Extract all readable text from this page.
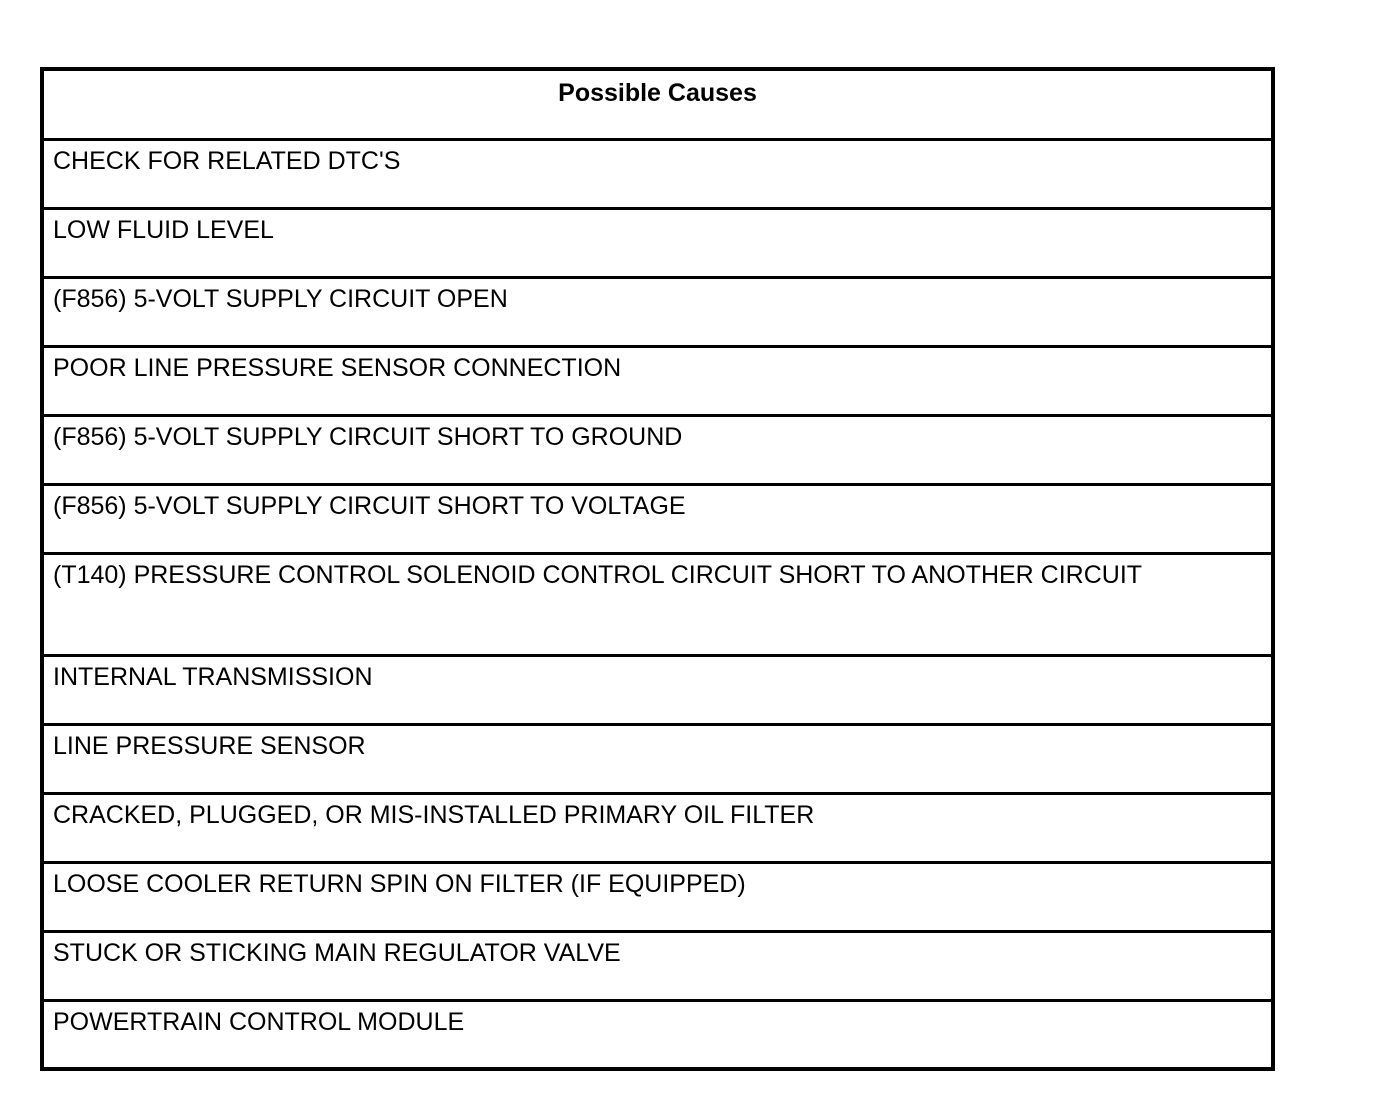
Possible Causes
CHECK FOR RELATED DTC'S
LOW FLUID LEVEL
(F856) 5-VOLT SUPPLY CIRCUIT OPEN
POOR LINE PRESSURE SENSOR CONNECTION
(F856) 5-VOLT SUPPLY CIRCUIT SHORT TO GROUND
(F856) 5-VOLT SUPPLY CIRCUIT SHORT TO VOLTAGE
(T140) PRESSURE CONTROL SOLENOID CONTROL CIRCUIT SHORT TO ANOTHER CIRCUIT
INTERNAL TRANSMISSION
LINE PRESSURE SENSOR
CRACKED, PLUGGED, OR MIS-INSTALLED PRIMARY OIL FILTER
LOOSE COOLER RETURN SPIN ON FILTER (IF EQUIPPED)
STUCK OR STICKING MAIN REGULATOR VALVE
POWERTRAIN CONTROL MODULE
